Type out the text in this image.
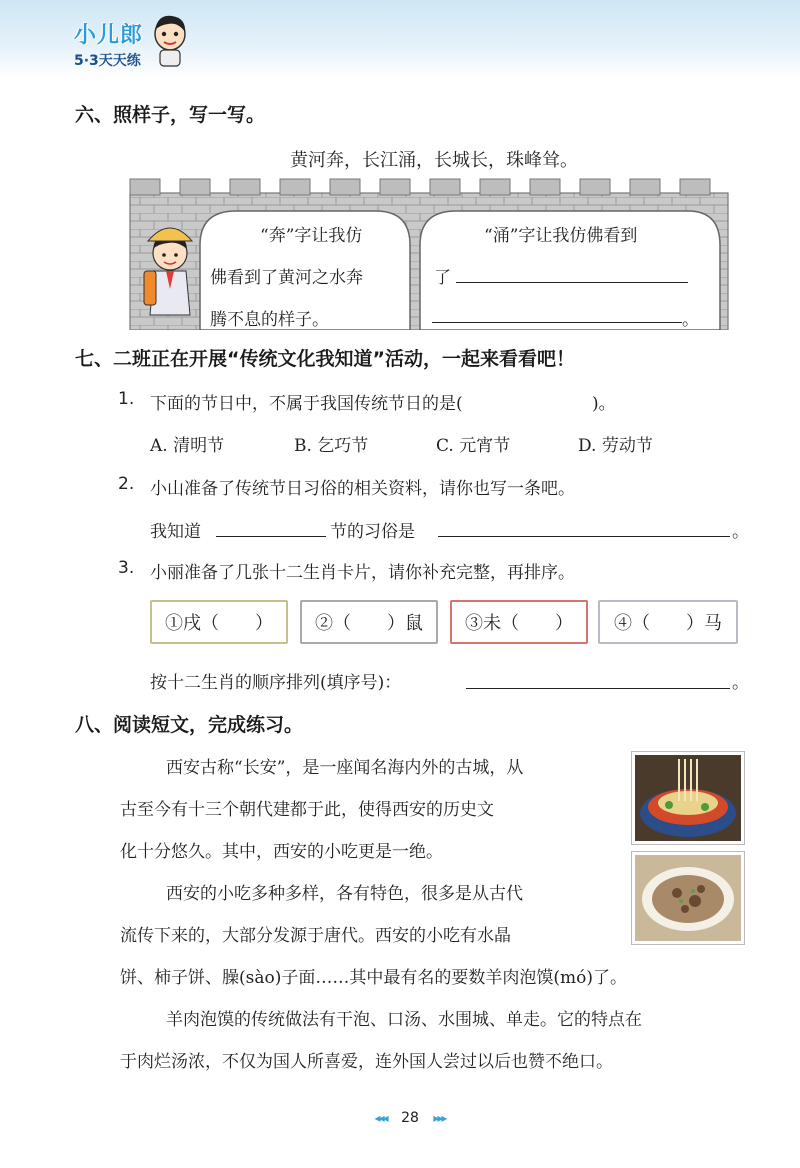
小儿郎
5·3天天练
六、照样子，写一写。
黄河奔，长江涌，长城长，珠峰耸。
“奔”字让我仿
佛看到了黄河之水奔
腾不息的样子。
“涌”字让我仿佛看到
了
。
七、二班正在开展“传统文化我知道”活动，一起来看看吧！
1. 下面的节日中，不属于我国传统节日的是(	)。
A. 清明节	B. 乞巧节	C. 元宵节	D. 劳动节
2. 小山准备了传统节日习俗的相关资料，请你也写一条吧。
我知道	节的习俗是	。
3. 小丽准备了几张十二生肖卡片，请你补充完整，再排序。
①戌（　　） ②（　　）鼠 ③未（　　） ④（　　）马
按十二生肖的顺序排列(填序号)：	。
八、阅读短文，完成练习。
西安古称“长安”，是一座闻名海内外的古城，从
古至今有十三个朝代建都于此，使得西安的历史文
化十分悠久。其中，西安的小吃更是一绝。
西安的小吃多种多样，各有特色，很多是从古代
流传下来的，大部分发源于唐代。西安的小吃有水晶
饼、柿子饼、臊(sào)子面……其中最有名的要数羊肉泡馍(mó)了。
羊肉泡馍的传统做法有干泡、口汤、水围城、单走。它的特点在
于肉烂汤浓，不仅为国人所喜爱，连外国人尝过以后也赞不绝口。
◂◂◂ 28 ▸▸▸
